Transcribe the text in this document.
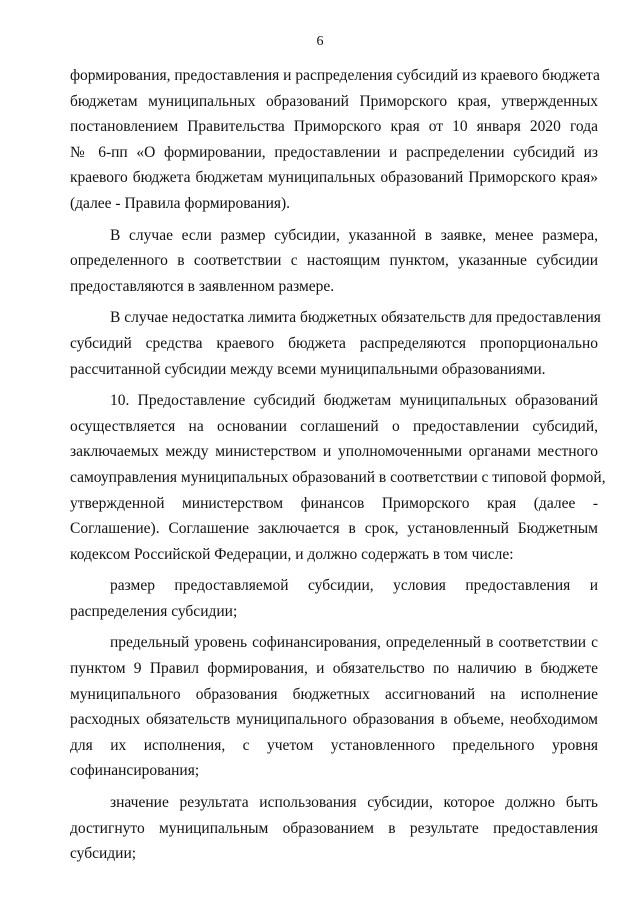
6
формирования, предоставления и распределения субсидий из краевого бюджета
бюджетам муниципальных образований Приморского края, утвержденных
постановлением Правительства Приморского края от 10 января 2020 года
№ 6-пп «О формировании, предоставлении и распределении субсидий из
краевого бюджета бюджетам муниципальных образований Приморского края»
(далее - Правила формирования).
В случае если размер субсидии, указанной в заявке, менее размера,
определенного в соответствии с настоящим пунктом, указанные субсидии
предоставляются в заявленном размере.
В случае недостатка лимита бюджетных обязательств для предоставления
субсидий средства краевого бюджета распределяются пропорционально
рассчитанной субсидии между всеми муниципальными образованиями.
10. Предоставление субсидий бюджетам муниципальных образований
осуществляется на основании соглашений о предоставлении субсидий,
заключаемых между министерством и уполномоченными органами местного
самоуправления муниципальных образований в соответствии с типовой формой,
утвержденной министерством финансов Приморского края (далее -
Соглашение). Соглашение заключается в срок, установленный Бюджетным
кодексом Российской Федерации, и должно содержать в том числе:
размер предоставляемой субсидии, условия предоставления и
распределения субсидии;
предельный уровень софинансирования, определенный в соответствии с
пунктом 9 Правил формирования, и обязательство по наличию в бюджете
муниципального образования бюджетных ассигнований на исполнение
расходных обязательств муниципального образования в объеме, необходимом
для их исполнения, с учетом установленного предельного уровня
софинансирования;
значение результата использования субсидии, которое должно быть
достигнуто муниципальным образованием в результате предоставления
субсидии;
